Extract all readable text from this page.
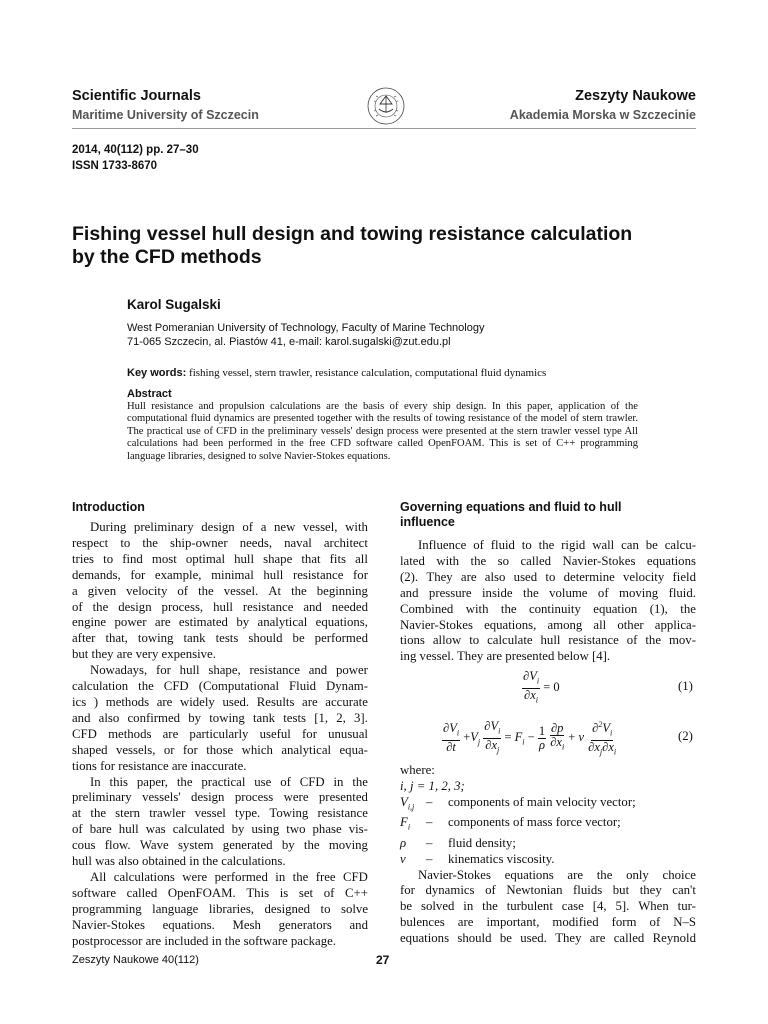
Scientific Journals
Maritime University of Szczecin
Zeszyty Naukowe
Akademia Morska w Szczecinie
2014, 40(112) pp. 27–30
ISSN 1733-8670
Fishing vessel hull design and towing resistance calculation
by the CFD methods
Karol Sugalski
West Pomeranian University of Technology, Faculty of Marine Technology
71-065 Szczecin, al. Piastów 41, e-mail: karol.sugalski@zut.edu.pl
Key words: fishing vessel, stern trawler, resistance calculation, computational fluid dynamics
Abstract
Hull resistance and propulsion calculations are the basis of every ship design. In this paper, application of the computational fluid dynamics are presented together with the results of towing resistance of the model of stern trawler. The practical use of CFD in the preliminary vessels' design process were presented at the stern trawler vessel type All calculations had been performed in the free CFD software called OpenFOAM. This is set of C++ programming language libraries, designed to solve Navier-Stokes equations.
Introduction
During preliminary design of a new vessel, with
respect to the ship-owner needs, naval architect
tries to find most optimal hull shape that fits all
demands, for example, minimal hull resistance for
a given velocity of the vessel. At the beginning
of the design process, hull resistance and needed
engine power are estimated by analytical equations,
after that, towing tank tests should be performed
but they are very expensive.
Nowadays, for hull shape, resistance and power
calculation the CFD (Computational Fluid Dynam-
ics ) methods are widely used. Results are accurate
and also confirmed by towing tank tests [1, 2, 3].
CFD methods are particularly useful for unusual
shaped vessels, or for those which analytical equa-
tions for resistance are inaccurate.
In this paper, the practical use of CFD in the
preliminary vessels' design process were presented
at the stern trawler vessel type. Towing resistance
of bare hull was calculated by using two phase vis-
cous flow. Wave system generated by the moving
hull was also obtained in the calculations.
All calculations were performed in the free CFD
software called OpenFOAM. This is set of C++
programming language libraries, designed to solve
Navier-Stokes equations. Mesh generators and
postprocessor are included in the software package.
Governing equations and fluid to hull
influence
Influence of fluid to the rigid wall can be calcu-
lated with the so called Navier-Stokes equations
(2). They are also used to determine velocity field
and pressure inside the volume of moving fluid.
Combined with the continuity equation (1), the
Navier-Stokes equations, among all other applica-
tions allow to calculate hull resistance of the mov-
ing vessel. They are presented below [4].
$\frac{\partial V_i}{\partial x_i} = 0$	(1)
$\frac{\partial V_i}{\partial t} +V_j \frac{\partial V_i}{\partial x_j} = F_i - \frac{1}{\rho}$
$\frac{\partial p}{\partial x_i} + \nu \frac{\partial^2V_i}{\partial x_j\partial x_i}$	(2)
where:
i, j = 1, 2, 3;
$V_{i,j}$ – components of main velocity vector;
$F_i$ – components of mass force vector;
ρ – fluid density;
ν – kinematics viscosity.
Navier-Stokes equations are the only choice
for dynamics of Newtonian fluids but they can't
be solved in the turbulent case [4, 5]. When tur-
bulences are important, modified form of N–S
equations should be used. They are called Reynold
Zeszyty Naukowe 40(112)	27
